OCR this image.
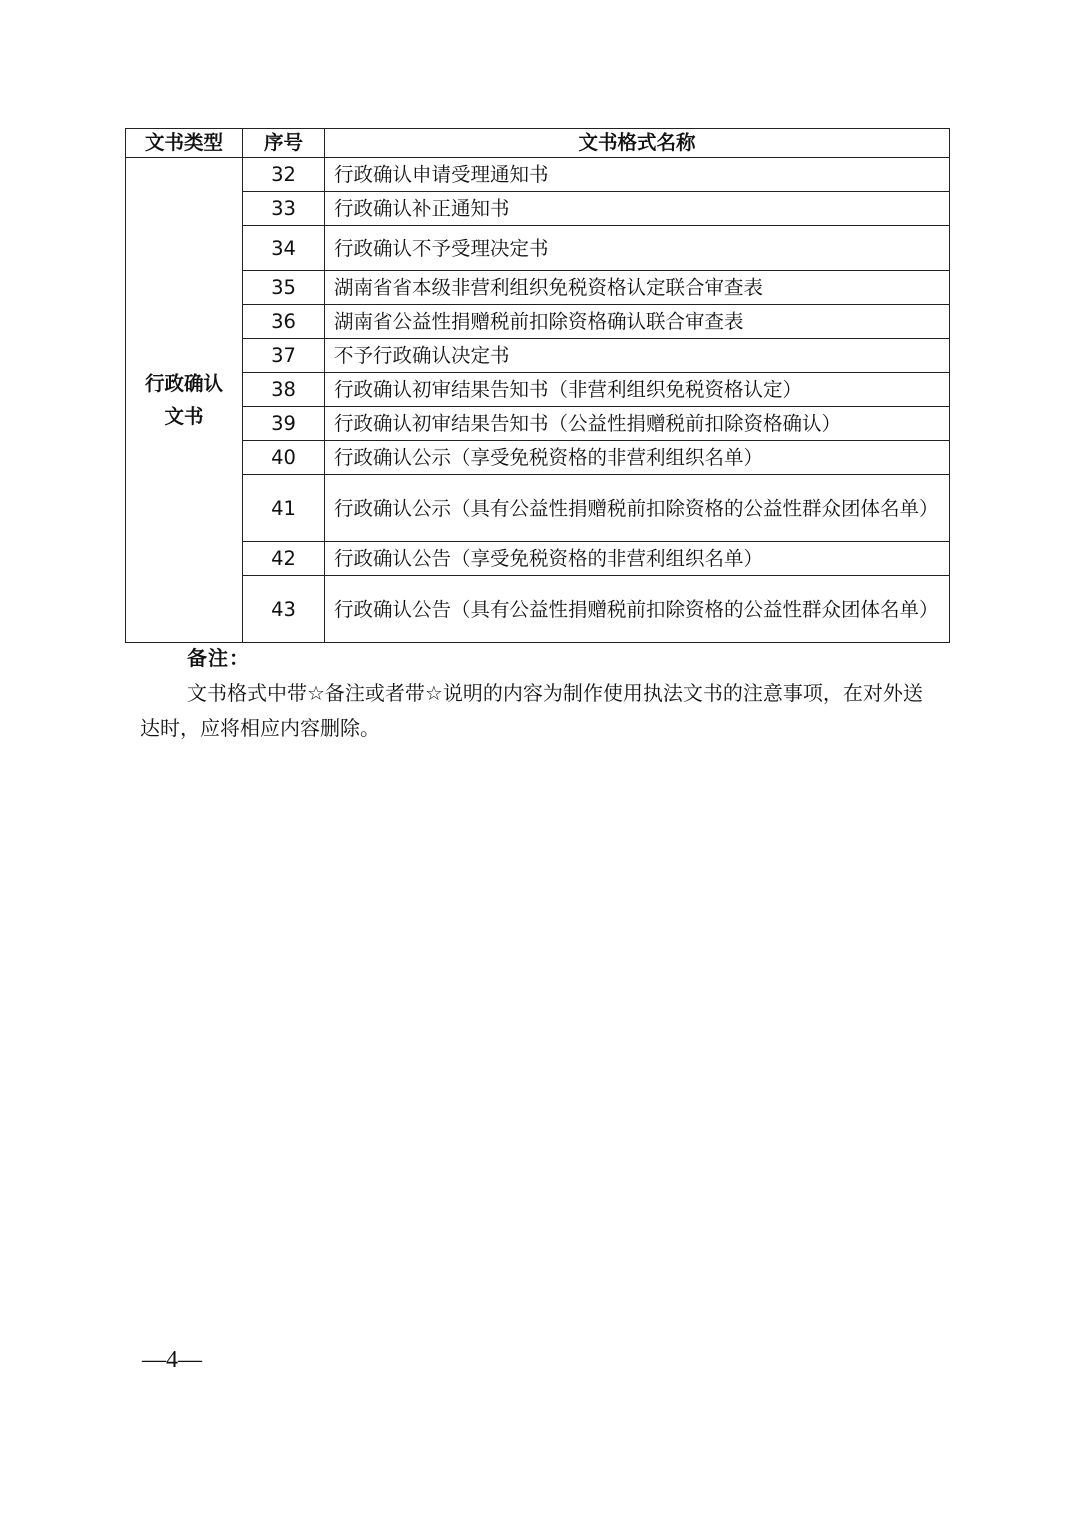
文书类型	序号	文书格式名称

行政确认
文书	32	行政确认申请受理通知书
	33	行政确认补正通知书
	34	行政确认不予受理决定书
	35	湖南省省本级非营利组织免税资格认定联合审查表
	36	湖南省公益性捐赠税前扣除资格确认联合审查表
	37	不予行政确认决定书
	38	行政确认初审结果告知书（非营利组织免税资格认定）
	39	行政确认初审结果告知书（公益性捐赠税前扣除资格确认）
	40	行政确认公示（享受免税资格的非营利组织名单）
	41	行政确认公示（具有公益性捐赠税前扣除资格的公益性群众团体名单）
	42	行政确认公告（享受免税资格的非营利组织名单）
	43	行政确认公告（具有公益性捐赠税前扣除资格的公益性群众团体名单）
备注：

文书格式中带☆备注或者带☆说明的内容为制作使用执法文书的注意事项，在对外送达时，应将相应内容删除。

—4—
